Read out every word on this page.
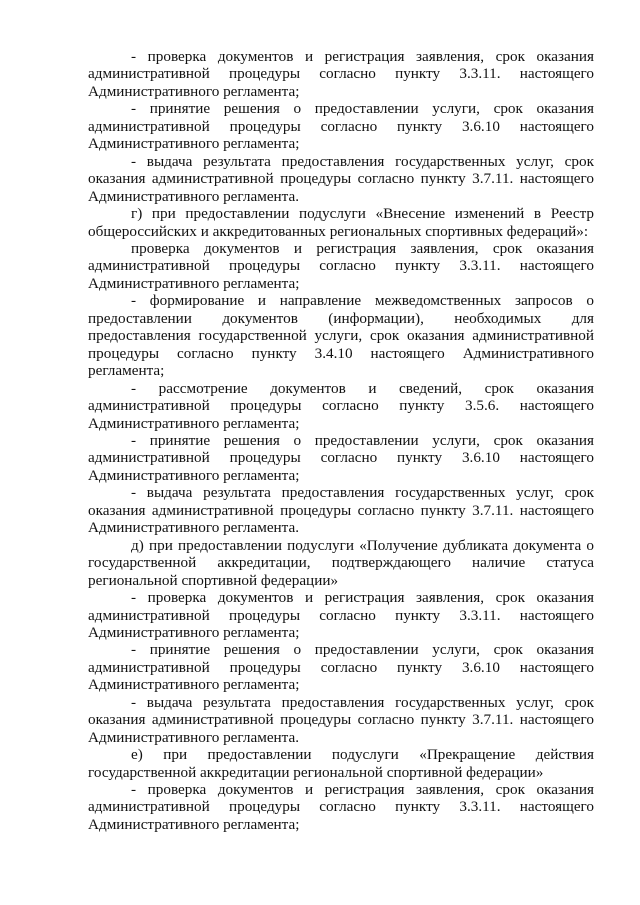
- проверка документов и регистрация заявления, срок оказания административной процедуры согласно пункту 3.3.11. настоящего Административного регламента;

- принятие решения о предоставлении услуги, срок оказания административной процедуры согласно пункту 3.6.10 настоящего Административного регламента;

- выдача результата предоставления государственных услуг, срок оказания административной процедуры согласно пункту 3.7.11. настоящего Административного регламента.

г) при предоставлении подуслуги «Внесение изменений в Реестр общероссийских и аккредитованных региональных спортивных федераций»:

проверка документов и регистрация заявления, срок оказания административной процедуры согласно пункту 3.3.11. настоящего Административного регламента;

- формирование и направление межведомственных запросов о предоставлении документов (информации), необходимых для предоставления государственной услуги, срок оказания административной процедуры согласно пункту 3.4.10 настоящего Административного регламента;

- рассмотрение документов и сведений, срок оказания административной процедуры согласно пункту 3.5.6. настоящего Административного регламента;

- принятие решения о предоставлении услуги, срок оказания административной процедуры согласно пункту 3.6.10 настоящего Административного регламента;

- выдача результата предоставления государственных услуг, срок оказания административной процедуры согласно пункту 3.7.11. настоящего Административного регламента.

д) при предоставлении подуслуги «Получение дубликата документа о государственной аккредитации, подтверждающего наличие статуса региональной спортивной федерации»

- проверка документов и регистрация заявления, срок оказания административной процедуры согласно пункту 3.3.11. настоящего Административного регламента;

- принятие решения о предоставлении услуги, срок оказания административной процедуры согласно пункту 3.6.10 настоящего Административного регламента;

- выдача результата предоставления государственных услуг, срок оказания административной процедуры согласно пункту 3.7.11. настоящего Административного регламента.

е) при предоставлении подуслуги «Прекращение действия государственной аккредитации региональной спортивной федерации»

- проверка документов и регистрация заявления, срок оказания административной процедуры согласно пункту 3.3.11. настоящего Административного регламента;
